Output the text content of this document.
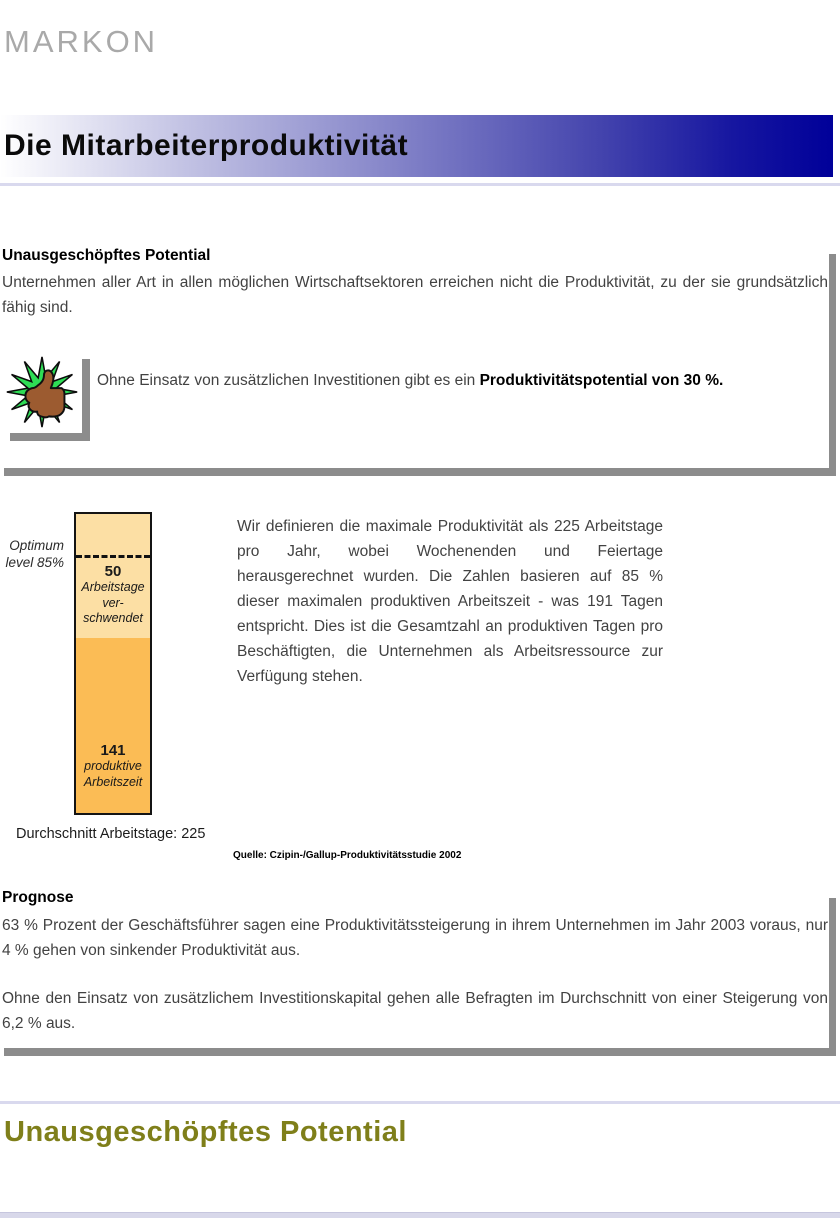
MARKON
Die Mitarbeiterproduktivität
Unausgeschöpftes Potential
Unternehmen aller Art in allen möglichen Wirtschaftsektoren erreichen nicht die Produktivität, zu der sie grundsätzlich fähig sind.
Ohne Einsatz von zusätzlichen Investitionen gibt es ein Produktivitätspotential von 30 %.
Optimum
level 85%
50
Arbeitstage
ver-
schwendet
141
produktive
Arbeitszeit
Wir definieren die maximale Produktivität als 225 Arbeitstage pro Jahr, wobei Wochenenden und Feiertage herausgerechnet wurden. Die Zahlen basieren auf 85 % dieser maximalen produktiven Arbeitszeit - was 191 Tagen entspricht. Dies ist die Gesamtzahl an produktiven Tagen pro Beschäftigten, die Unternehmen als Arbeitsressource zur Verfügung stehen.
Durchschnitt Arbeitstage: 225
Quelle: Czipin-/Gallup-Produktivitätsstudie 2002
Prognose
63 % Prozent der Geschäftsführer sagen eine Produktivitätssteigerung in ihrem Unternehmen im Jahr 2003 voraus, nur 4 % gehen von sinkender Produktivität aus.
Ohne den Einsatz von zusätzlichem Investitionskapital gehen alle Befragten im Durchschnitt von einer Steigerung von 6,2 % aus.
Unausgeschöpftes Potential
